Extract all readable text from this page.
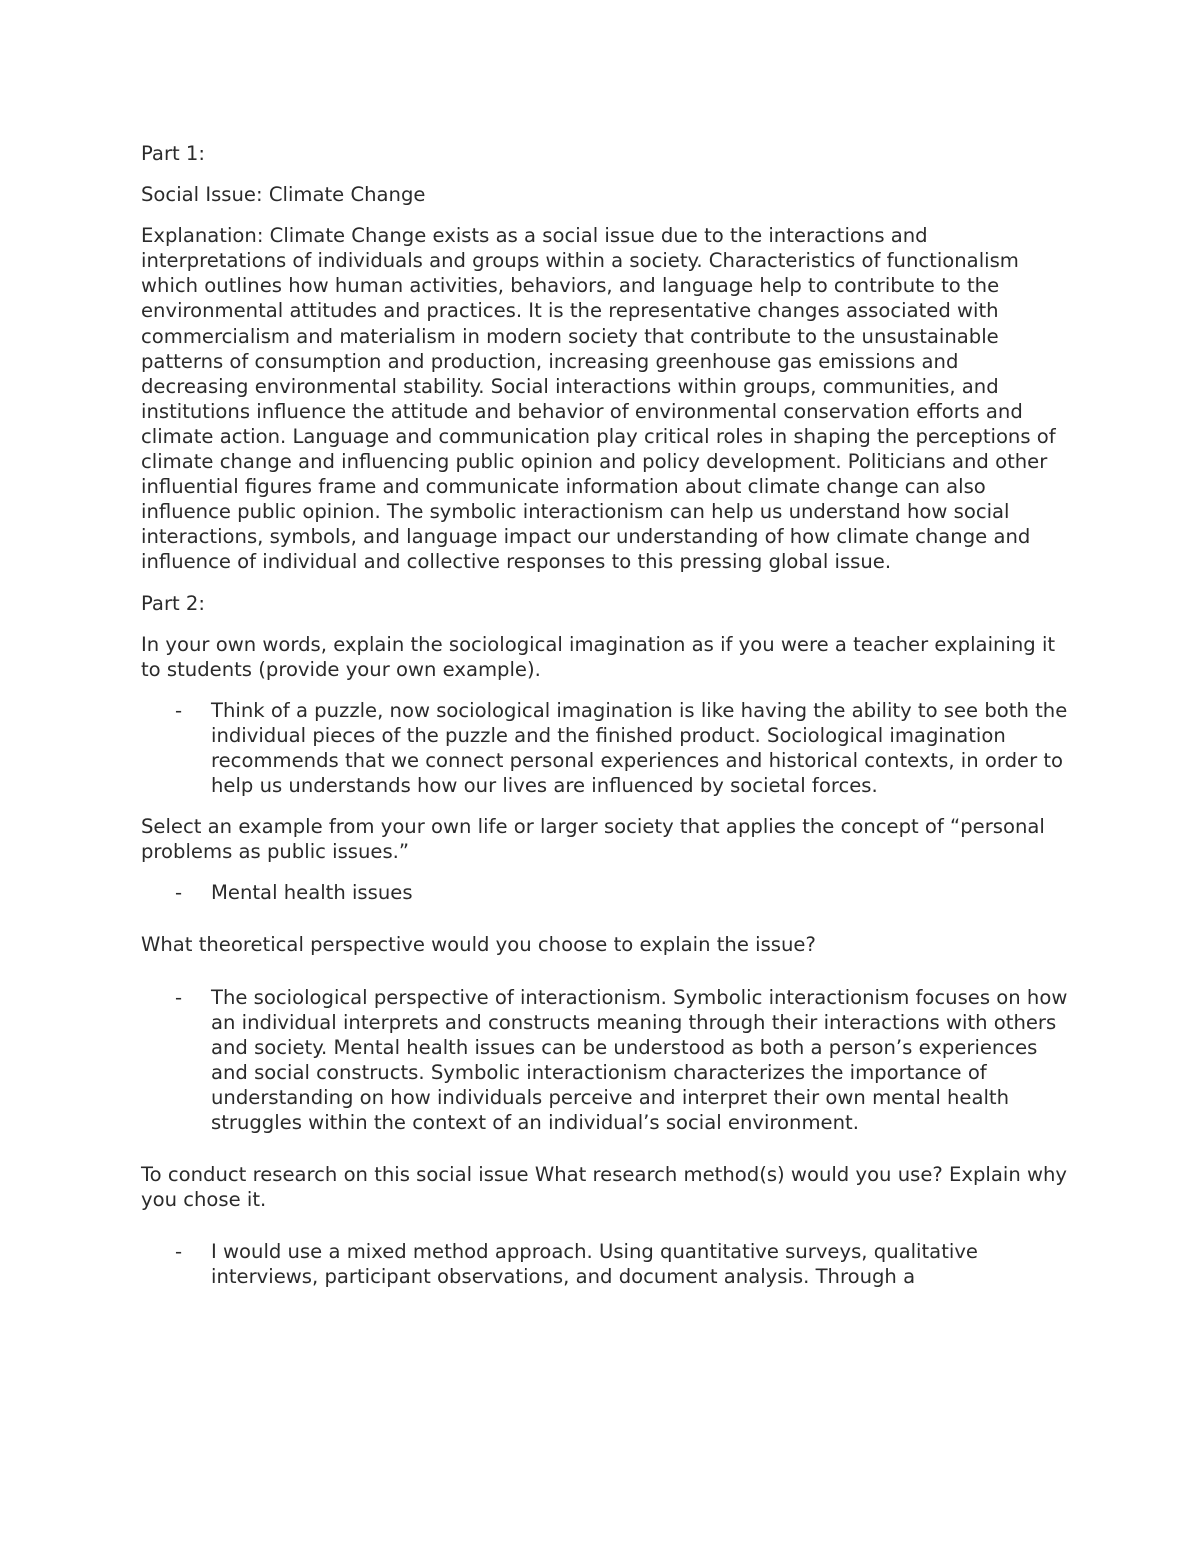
Part 1:

Social Issue: Climate Change

Explanation: Climate Change exists as a social issue due to the interactions and interpretations of individuals and groups within a society. Characteristics of functionalism which outlines how human activities, behaviors, and language help to contribute to the environmental attitudes and practices. It is the representative changes associated with commercialism and materialism in modern society that contribute to the unsustainable patterns of consumption and production, increasing greenhouse gas emissions and decreasing environmental stability. Social interactions within groups, communities, and institutions influence the attitude and behavior of environmental conservation efforts and climate action. Language and communication play critical roles in shaping the perceptions of climate change and influencing public opinion and policy development. Politicians and other influential figures frame and communicate information about climate change can also influence public opinion. The symbolic interactionism can help us understand how social interactions, symbols, and language impact our understanding of how climate change and influence of individual and collective responses to this pressing global issue.

Part 2:

In your own words, explain the sociological imagination as if you were a teacher explaining it to students (provide your own example).

- Think of a puzzle, now sociological imagination is like having the ability to see both the individual pieces of the puzzle and the finished product. Sociological imagination recommends that we connect personal experiences and historical contexts, in order to help us understands how our lives are influenced by societal forces.

Select an example from your own life or larger society that applies the concept of “personal problems as public issues.”

- Mental health issues

What theoretical perspective would you choose to explain the issue?

- The sociological perspective of interactionism. Symbolic interactionism focuses on how an individual interprets and constructs meaning through their interactions with others and society. Mental health issues can be understood as both a person’s experiences and social constructs. Symbolic interactionism characterizes the importance of understanding on how individuals perceive and interpret their own mental health struggles within the context of an individual’s social environment.

To conduct research on this social issue What research method(s) would you use? Explain why you chose it.

- I would use a mixed method approach. Using quantitative surveys, qualitative interviews, participant observations, and document analysis. Through a
